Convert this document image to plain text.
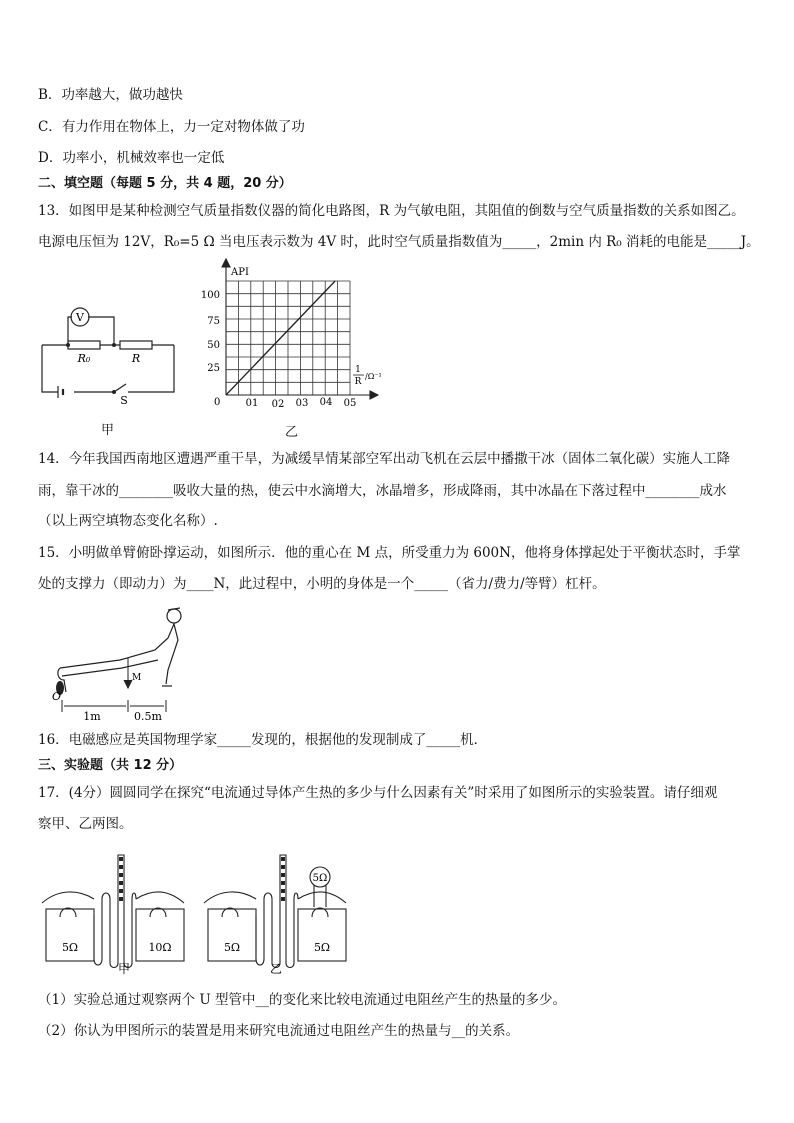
B．功率越大，做功越快
C．有力作用在物体上，力一定对物体做了功
D．功率小，机械效率也一定低
二、填空题（每题 5 分，共 4 题，20 分）
13．如图甲是某种检测空气质量指数仪器的简化电路图，R 为气敏电阻，其阻值的倒数与空气质量指数的关系如图乙。
电源电压恒为 12V，R₀=5 Ω 当电压表示数为 4V 时，此时空气质量指数值为_____，2min 内 R₀ 消耗的电能是_____J。
V
R₀	R
S
甲
API
100
75
50
25
0	01 02 03 04 05
1
R
/Ω⁻¹
乙
14．今年我国西南地区遭遇严重干旱，为减缓旱情某部空军出动飞机在云层中播撒干冰（固体二氧化碳）实施人工降
雨，靠干冰的________吸收大量的热，使云中水滴增大，冰晶增多，形成降雨，其中冰晶在下落过程中________成水
（以上两空填物态变化名称）.
15．小明做单臂俯卧撑运动，如图所示．他的重心在 M 点，所受重力为 600N，他将身体撑起处于平衡状态时，手掌
处的支撑力（即动力）为____N，此过程中，小明的身体是一个_____（省力/费力/等臂）杠杆。
O
M
1m	0.5m
16．电磁感应是英国物理学家_____发现的，根据他的发现制成了_____机．
三、实验题（共 12 分）
17．(4分）圆圆同学在探究“电流通过导体产生热的多少与什么因素有关”时采用了如图所示的实验装置。请仔细观
察甲、乙两图。
5Ω	10Ω
甲
5Ω
5Ω	5Ω
乙
（1）实验总通过观察两个 U 型管中__的变化来比较电流通过电阻丝产生的热量的多少。
（2）你认为甲图所示的装置是用来研究电流通过电阻丝产生的热量与__的关系。
